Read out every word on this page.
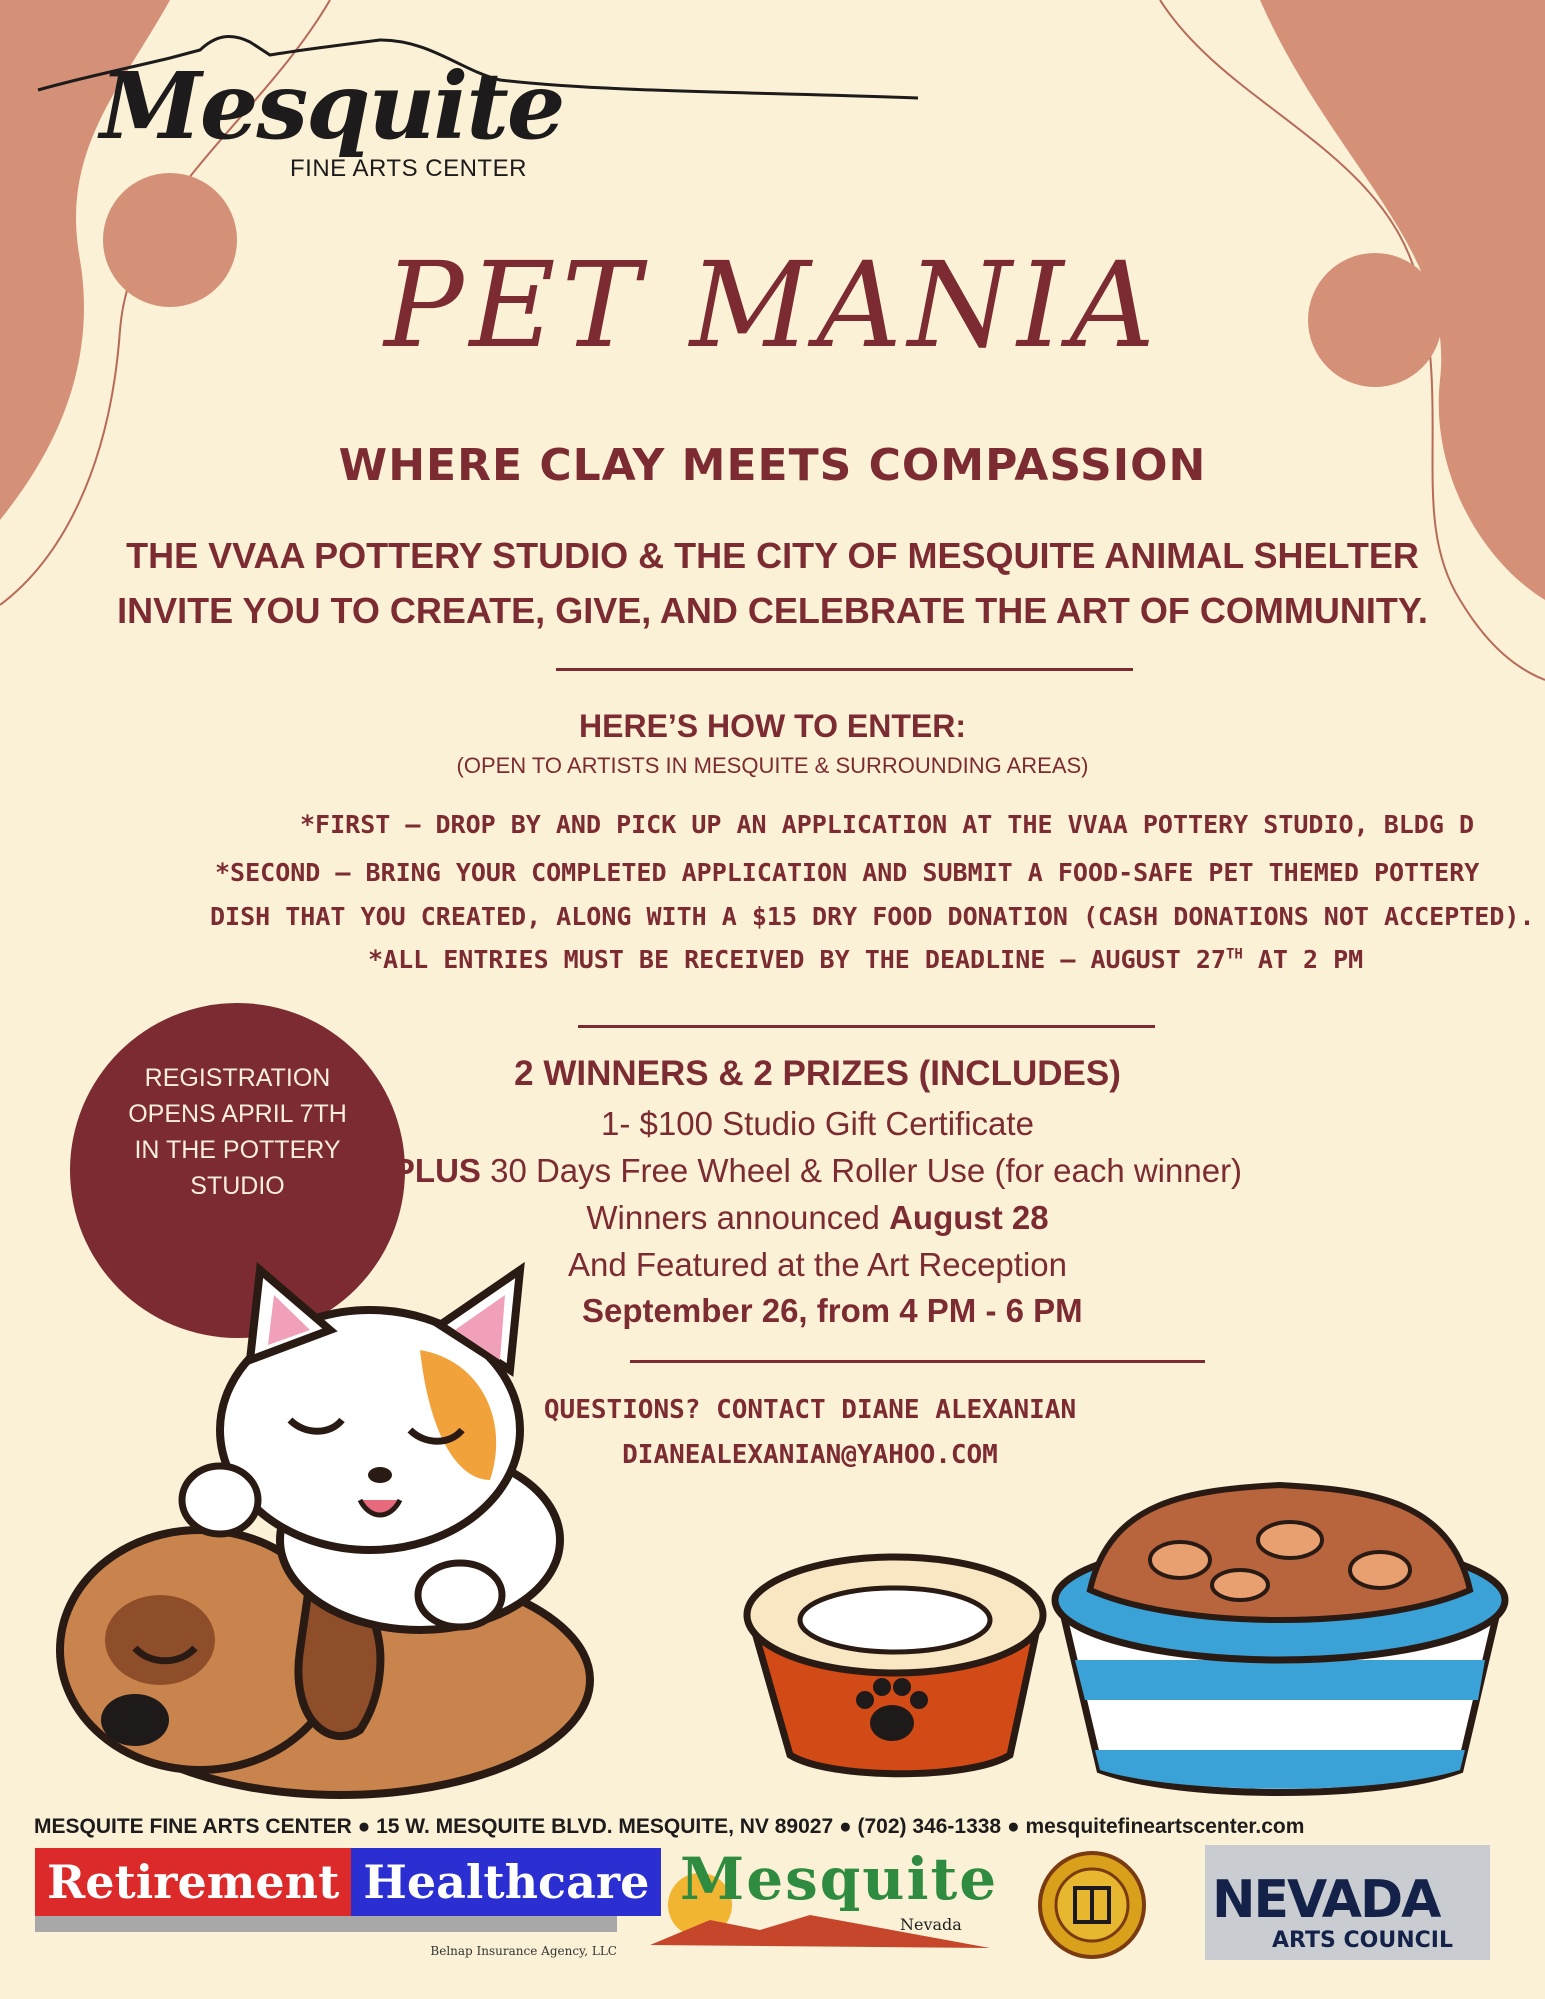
Mesquite
FINE ARTS CENTER
PET MANIA
WHERE CLAY MEETS COMPASSION
THE VVAA POTTERY STUDIO & THE CITY OF MESQUITE ANIMAL SHELTER
INVITE YOU TO CREATE, GIVE, AND CELEBRATE THE ART OF COMMUNITY.
HERE’S HOW TO ENTER:
(OPEN TO ARTISTS IN MESQUITE & SURROUNDING AREAS)
*FIRST – DROP BY AND PICK UP AN APPLICATION AT THE VVAA POTTERY STUDIO, BLDG D
*SECOND – BRING YOUR COMPLETED APPLICATION AND SUBMIT A FOOD-SAFE PET THEMED POTTERY
DISH THAT YOU CREATED, ALONG WITH A $15 DRY FOOD DONATION (CASH DONATIONS NOT ACCEPTED).
*ALL ENTRIES MUST BE RECEIVED BY THE DEADLINE – AUGUST 27TH AT 2 PM
REGISTRATION
OPENS APRIL 7TH
IN THE POTTERY
STUDIO
2 WINNERS & 2 PRIZES (INCLUDES)
1- $100 Studio Gift Certificate
PLUS 30 Days Free Wheel & Roller Use (for each winner)
Winners announced August 28
And Featured at the Art Reception
September 26, from 4 PM - 6 PM
QUESTIONS? CONTACT DIANE ALEXANIAN
DIANEALEXANIAN@YAHOO.COM
MESQUITE FINE ARTS CENTER ● 15 W. MESQUITE BLVD. MESQUITE, NV 89027 ● (702) 346-1338 ● mesquitefineartscenter.com
Retirement Healthcare
Belnap Insurance Agency, LLC
Mesquite
Nevada	NEVADA
ARTS COUNCIL
